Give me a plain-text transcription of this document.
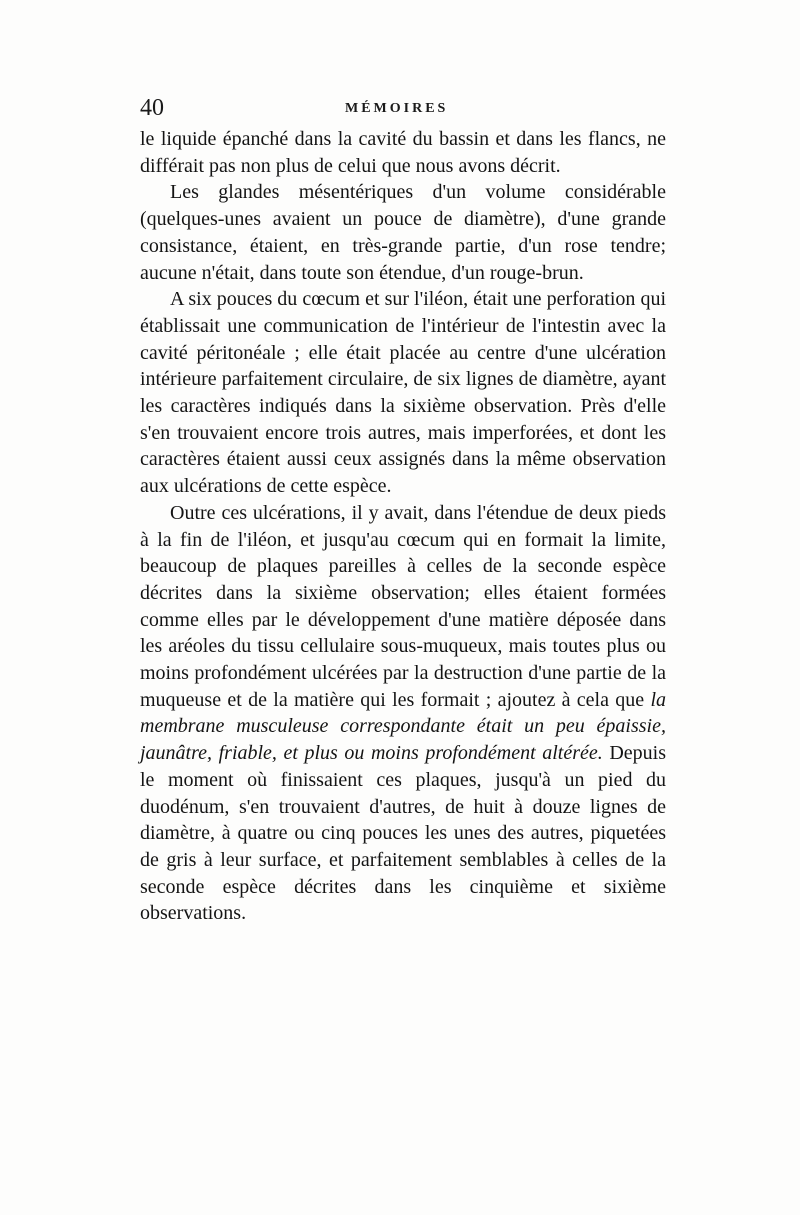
40	MÉMOIRES

le liquide épanché dans la cavité du bassin et dans les flancs, ne différait pas non plus de celui que nous avons décrit.

Les glandes mésentériques d'un volume considérable (quelques-unes avaient un pouce de diamètre), d'une grande consistance, étaient, en très-grande partie, d'un rose tendre; aucune n'était, dans toute son étendue, d'un rouge-brun.

A six pouces du cœcum et sur l'iléon, était une perforation qui établissait une communication de l'intérieur de l'intestin avec la cavité péritonéale ; elle était placée au centre d'une ulcération intérieure parfaitement circulaire, de six lignes de diamètre, ayant les caractères indiqués dans la sixième observation. Près d'elle s'en trouvaient encore trois autres, mais imperforées, et dont les caractères étaient aussi ceux assignés dans la même observation aux ulcérations de cette espèce.

Outre ces ulcérations, il y avait, dans l'étendue de deux pieds à la fin de l'iléon, et jusqu'au cœcum qui en formait la limite, beaucoup de plaques pareilles à celles de la seconde espèce décrites dans la sixième observation; elles étaient formées comme elles par le développement d'une matière déposée dans les aréoles du tissu cellulaire sous-muqueux, mais toutes plus ou moins profondément ulcérées par la destruction d'une partie de la muqueuse et de la matière qui les formait ; ajoutez à cela que la membrane musculeuse correspondante était un peu épaissie, jaunâtre, friable, et plus ou moins profondément altérée. Depuis le moment où finissaient ces plaques, jusqu'à un pied du duodénum, s'en trouvaient d'autres, de huit à douze lignes de diamètre, à quatre ou cinq pouces les unes des autres, piquetées de gris à leur surface, et parfaitement semblables à celles de la seconde espèce décrites dans les cinquième et sixième observations.
